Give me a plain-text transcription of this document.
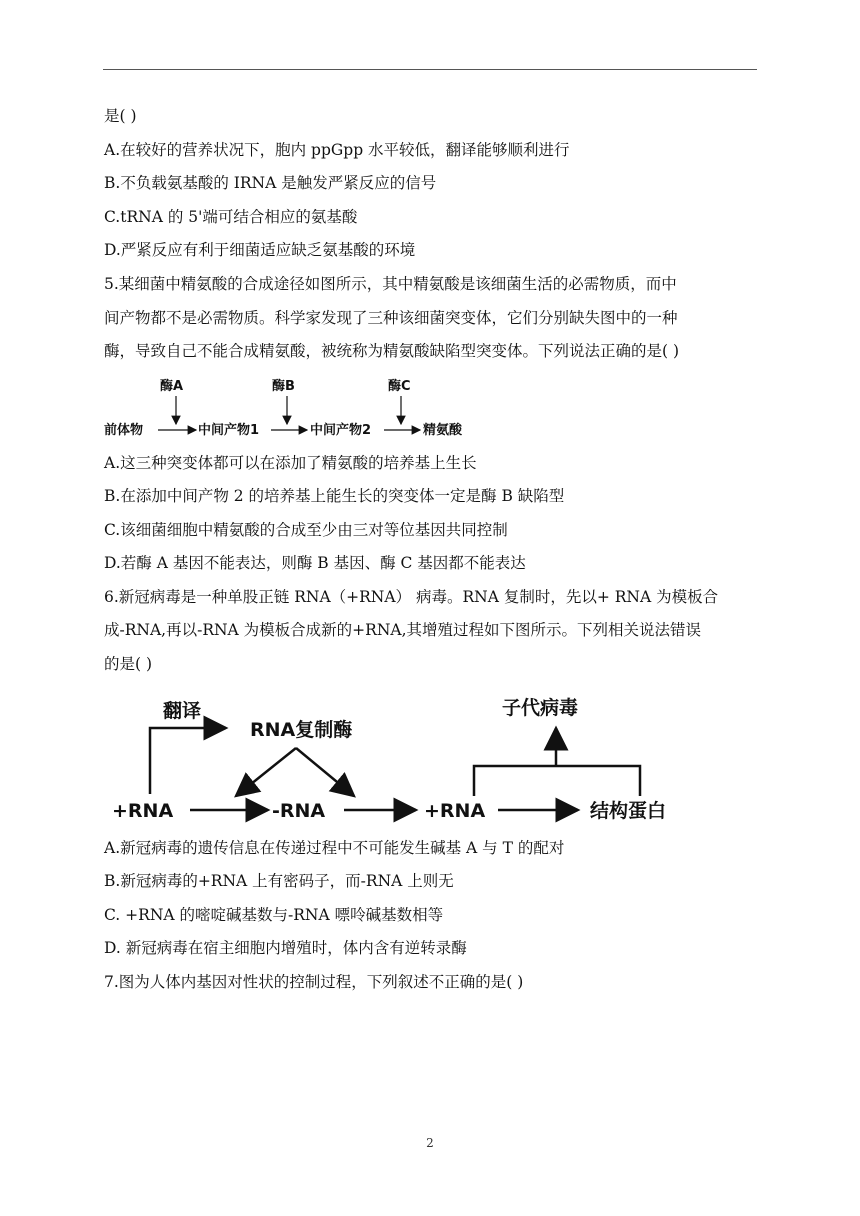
是( )
A.在较好的营养状况下，胞内 ppGpp 水平较低，翻译能够顺利进行
B.不负载氨基酸的 IRNA 是触发严紧反应的信号
C.tRNA 的 5'端可结合相应的氨基酸
D.严紧反应有利于细菌适应缺乏氨基酸的环境
5.某细菌中精氨酸的合成途径如图所示，其中精氨酸是该细菌生活的必需物质，而中
间产物都不是必需物质。科学家发现了三种该细菌突变体，它们分别缺失图中的一种
酶，导致自己不能合成精氨酸，被统称为精氨酸缺陷型突变体。下列说法正确的是( )
酶A	酶B	酶C
前体物	中间产物1	中间产物2	精氨酸
A.这三种突变体都可以在添加了精氨酸的培养基上生长
B.在添加中间产物 2 的培养基上能生长的突变体一定是酶 B 缺陷型
C.该细菌细胞中精氨酸的合成至少由三对等位基因共同控制
D.若酶 A 基因不能表达，则酶 B 基因、酶 C 基因都不能表达
6.新冠病毒是一种单股正链 RNA（+RNA） 病毒。RNA 复制时，先以+ RNA 为模板合
成-RNA,再以-RNA 为模板合成新的+RNA,其增殖过程如下图所示。下列相关说法错误
的是( )
翻译
RNA复制酶
+RNA	-RNA	+RNA	结构蛋白
子代病毒
A.新冠病毒的遗传信息在传递过程中不可能发生碱基 A 与 T 的配对
B.新冠病毒的+RNA 上有密码子，而-RNA 上则无
C. +RNA 的嘧啶碱基数与-RNA 嘌呤碱基数相等
D. 新冠病毒在宿主细胞内增殖时，体内含有逆转录酶
7.图为人体内基因对性状的控制过程，下列叙述不正确的是( )
2
